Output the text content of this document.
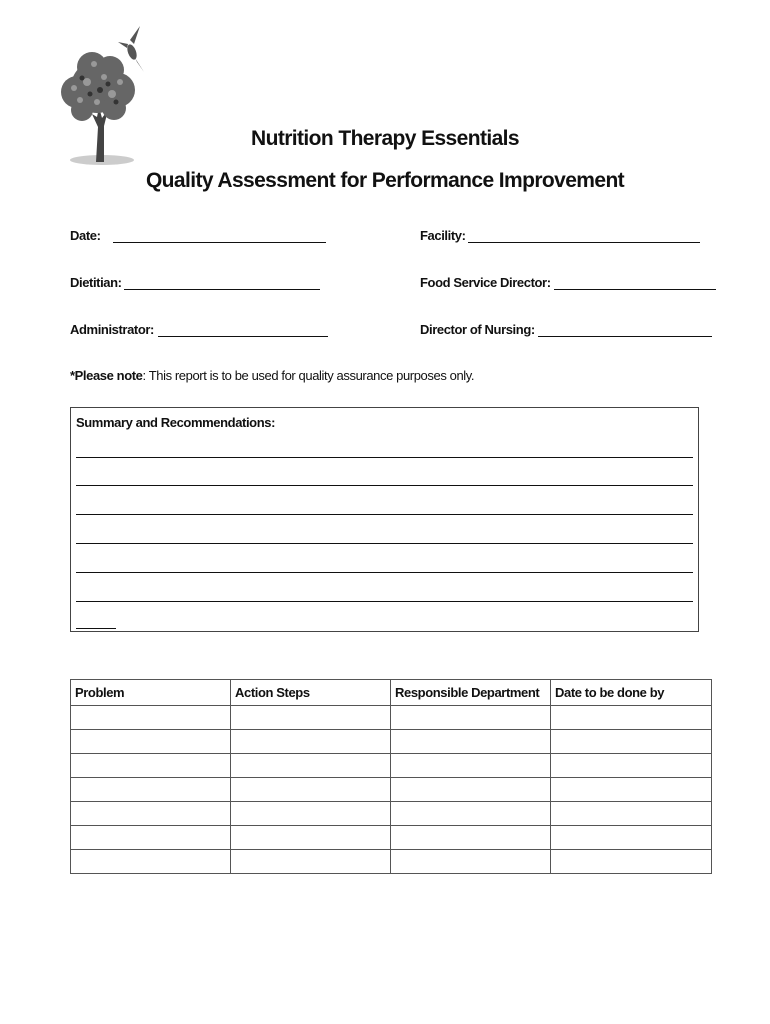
Nutrition Therapy Essentials
Quality Assessment for Performance Improvement
Date:	Facility:
Dietitian:	Food Service Director:
Administrator:	Director of Nursing:
*Please note: This report is to be used for quality assurance purposes only.
Summary and Recommendations:
Problem	Action Steps	Responsible Department	Date to be done by
